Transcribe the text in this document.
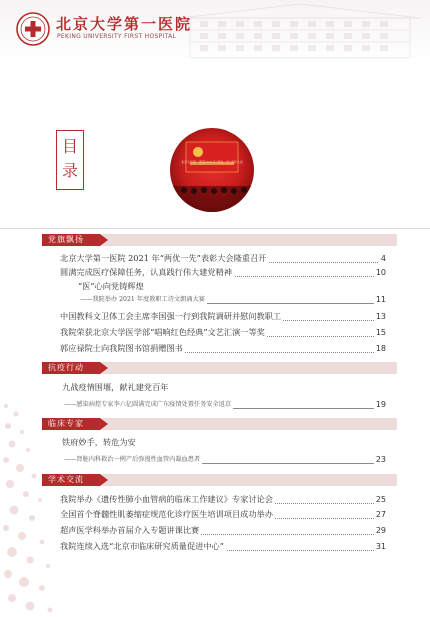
北京大学第一医院
PEKING UNIVERSITY FIRST HOSPITAL
目
录	北京大学第一医院2021年“两优一先”表彰大会
党旗飘扬
北京大学第一医院 2021 年“两优一先”表彰大会隆重召开	4
圆满完成医疗保障任务，认真践行伟大建党精神	10
“医”心向党铸辉煌
——我院举办 2021 年度教职工诗文朗诵大赛	11
中国教科文卫体工会主席李国强一行到我院调研并慰问教职工	13
我院荣获北京大学医学部“唱响红色经典”文艺汇演一等奖	15
郭应禄院士向我院图书馆捐赠图书	18
抗疫行动
九战疫情围堰，献礼建党百年
——感染病控专家李六亿圆满完成广东疫情处置任务安全返京	19
临床专家
铁府妙手，转危为安
——肾脏内科救治一例产后弥漫性血管内凝血患者	23
学术交流
我院举办《遗传性肺小血管病的临床工作建议》专家讨论会	25
全国首个脊髓性肌萎缩症规范化诊疗医生培训项目成功举办	27
超声医学科举办首届介入专题讲课比赛	29
我院连续入选“北京市临床研究质量促进中心”	31
